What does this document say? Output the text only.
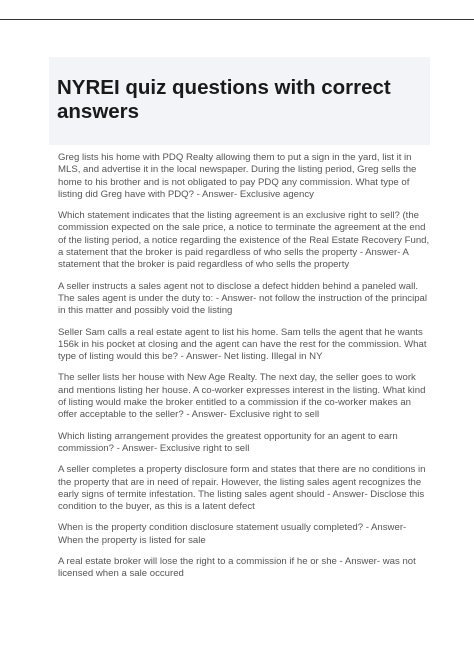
NYREI quiz questions with correct answers

Greg lists his home with PDQ Realty allowing them to put a sign in the yard, list it in MLS, and advertise it in the local newspaper. During the listing period, Greg sells the home to his brother and is not obligated to pay PDQ any commission. What type of listing did Greg have with PDQ? - Answer- Exclusive agency

Which statement indicates that the listing agreement is an exclusive right to sell? (the commission expected on the sale price, a notice to terminate the agreement at the end of the listing period, a notice regarding the existence of the Real Estate Recovery Fund, a statement that the broker is paid regardless of who sells the property - Answer- A statement that the broker is paid regardless of who sells the property

A seller instructs a sales agent not to disclose a defect hidden behind a paneled wall. The sales agent is under the duty to: - Answer- not follow the instruction of the principal in this matter and possibly void the listing

Seller Sam calls a real estate agent to list his home. Sam tells the agent that he wants 156k in his pocket at closing and the agent can have the rest for the commission. What type of listing would this be? - Answer- Net listing. Illegal in NY

The seller lists her house with New Age Realty. The next day, the seller goes to work and mentions listing her house. A co-worker expresses interest in the listing. What kind of listing would make the broker entitled to a commission if the co-worker makes an offer acceptable to the seller? - Answer- Exclusive right to sell

Which listing arrangement provides the greatest opportunity for an agent to earn commission? - Answer- Exclusive right to sell

A seller completes a property disclosure form and states that there are no conditions in the property that are in need of repair. However, the listing sales agent recognizes the early signs of termite infestation. The listing sales agent should - Answer- Disclose this condition to the buyer, as this is a latent defect

When is the property condition disclosure statement usually completed? - Answer- When the property is listed for sale

A real estate broker will lose the right to a commission if he or she - Answer- was not licensed when a sale occured
